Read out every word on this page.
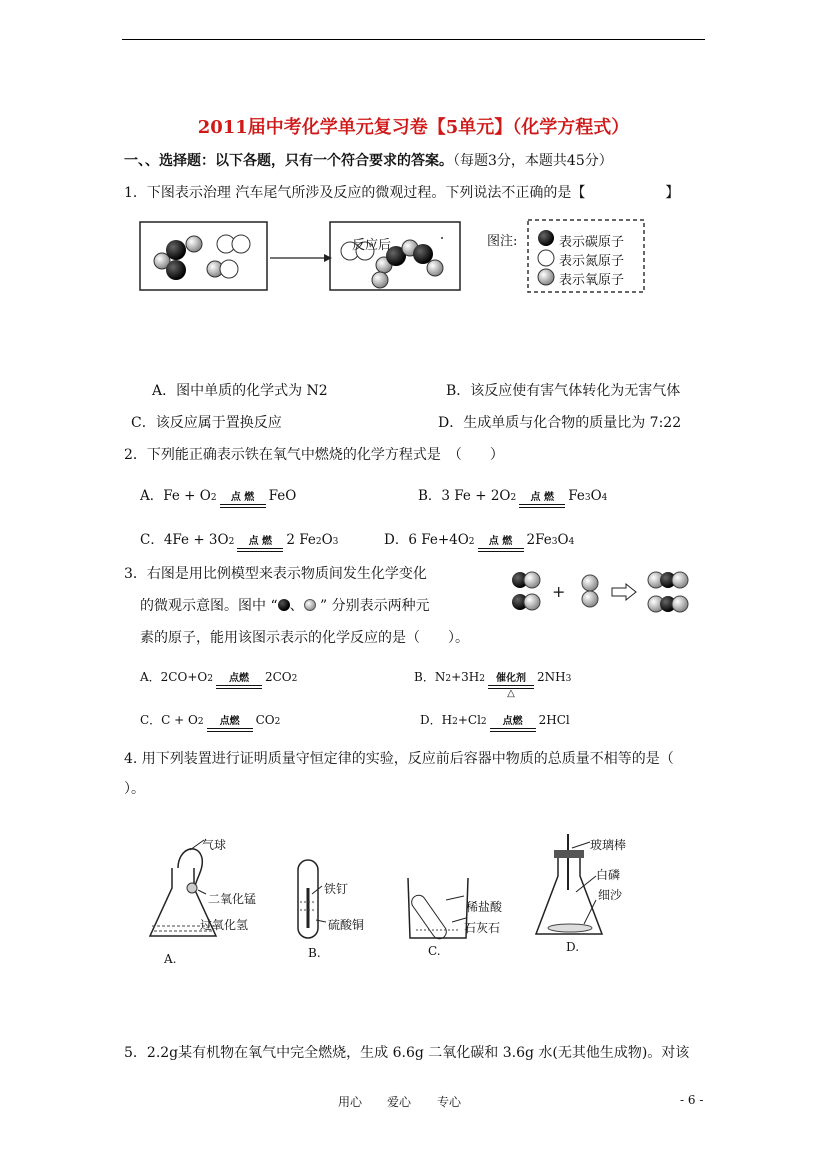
2011届中考化学单元复习卷【5单元】（化学方程式）
一、、选择题：以下各题，只有一个符合要求的答案。（每题3分，本题共45分）
1．下图表示治理 汽车尾气所涉及反应的微观过程。下列说法不正确的是【	】
反应后	图注:	表示碳原子
表示氮原子
表示氧原子
A．图中单质的化学式为 N2	B．该反应使有害气体转化为无害气体
C．该反应属于置换反应	D．生成单质与化合物的质量比为 7:22
2．下列能正确表示铁在氧气中燃烧的化学方程式是　（　　）
A．$Fe + O_2$ 点 燃 FeO	B．3 $Fe + 2O_2$ 点 燃 Fe 3 O 4
C．$4Fe + 3O_2$ 点 燃 2 Fe 2 O 3	D．6 $Fe+4O_2$ 点 燃 2Fe 3 O 4
3．右图是用比例模型来表示物质间发生化学变化
的微观示意图。图中 “ 、 ” 分别表示两种元
素的原子，能用该图示表示的化学反应的是（　　）。
+
A．$2CO+O_2$ 点燃 2CO 2	B．$N_2 +3H$ 2 催化剂
△
2NH 3
C．$C + O_2$ 点燃 CO 2	D．$H_2 +Cl$ 2 点燃 2HCl
4. 用下列装置进行证明质量守恒定律的实验，反应前后容器中物质的总质量不相等的是（
）。
气球
二氧化锰
过氧化氢
铁钉
硫酸铜
稀盐酸
石灰石
玻璃棒
白磷
细沙
A.	B.	C.	D.
5．2.2g某有机物在氧气中完全燃烧，生成 6.6g 二氧化碳和 3.6g 水(无其他生成物)。对该
用心 爱心 专心	- 6 -
